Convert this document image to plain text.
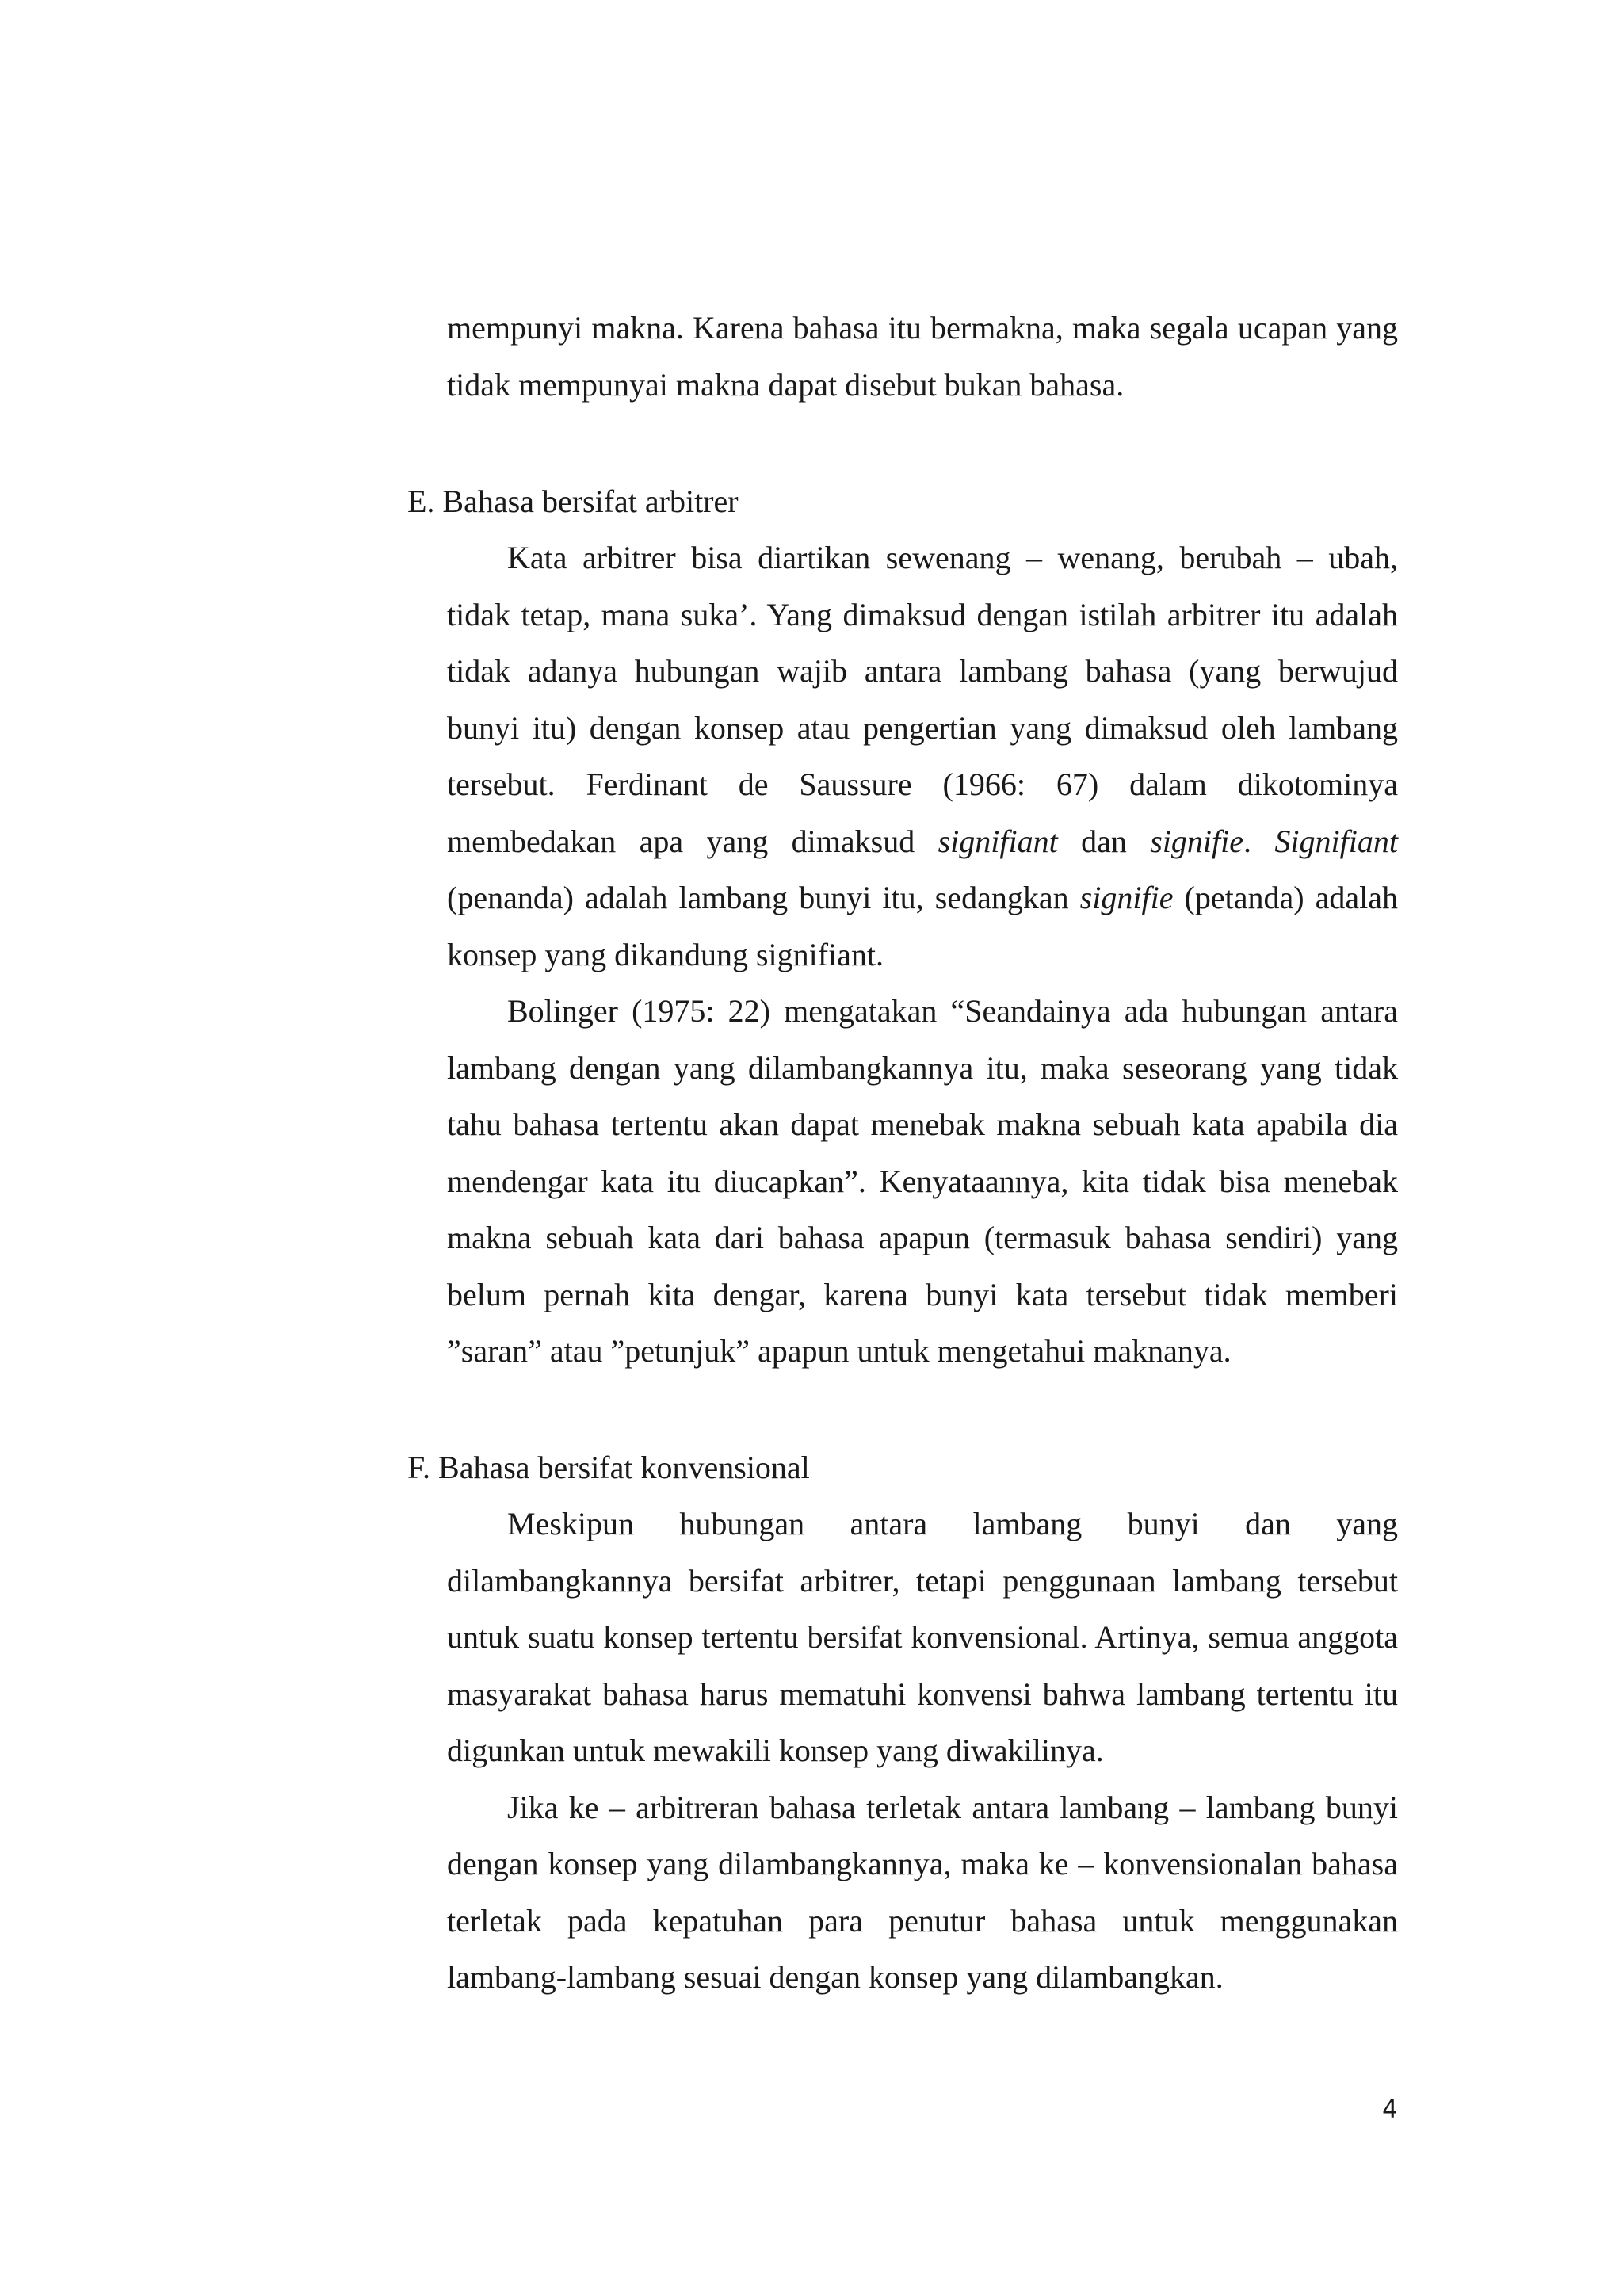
mempunyi makna. Karena bahasa itu bermakna, maka segala ucapan yang tidak mempunyai makna dapat disebut bukan bahasa.

E. Bahasa bersifat arbitrer

Kata arbitrer bisa diartikan sewenang – wenang, berubah – ubah, tidak tetap, mana suka’. Yang dimaksud dengan istilah arbitrer itu adalah tidak adanya hubungan wajib antara lambang bahasa (yang berwujud bunyi itu) dengan konsep atau pengertian yang dimaksud oleh lambang tersebut. Ferdinant de Saussure (1966: 67) dalam dikotominya membedakan apa yang dimaksud signifiant dan signifie. Signifiant (penanda) adalah lambang bunyi itu, sedangkan signifie (petanda) adalah konsep yang dikandung signifiant.

Bolinger (1975: 22) mengatakan “Seandainya ada hubungan antara lambang dengan yang dilambangkannya itu, maka seseorang yang tidak tahu bahasa tertentu akan dapat menebak makna sebuah kata apabila dia mendengar kata itu diucapkan”. Kenyataannya, kita tidak bisa menebak makna sebuah kata dari bahasa apapun (termasuk bahasa sendiri) yang belum pernah kita dengar, karena bunyi kata tersebut tidak memberi ”saran” atau ”petunjuk” apapun untuk mengetahui maknanya.

F. Bahasa bersifat konvensional

Meskipun hubungan antara lambang bunyi dan yang dilambangkannya bersifat arbitrer, tetapi penggunaan lambang tersebut untuk suatu konsep tertentu bersifat konvensional. Artinya, semua anggota masyarakat bahasa harus mematuhi konvensi bahwa lambang tertentu itu digunkan untuk mewakili konsep yang diwakilinya.

Jika ke – arbitreran bahasa terletak antara lambang – lambang bunyi dengan konsep yang dilambangkannya, maka ke – konvensionalan bahasa terletak pada kepatuhan para penutur bahasa untuk menggunakan lambang-lambang sesuai dengan konsep yang dilambangkan.

4
